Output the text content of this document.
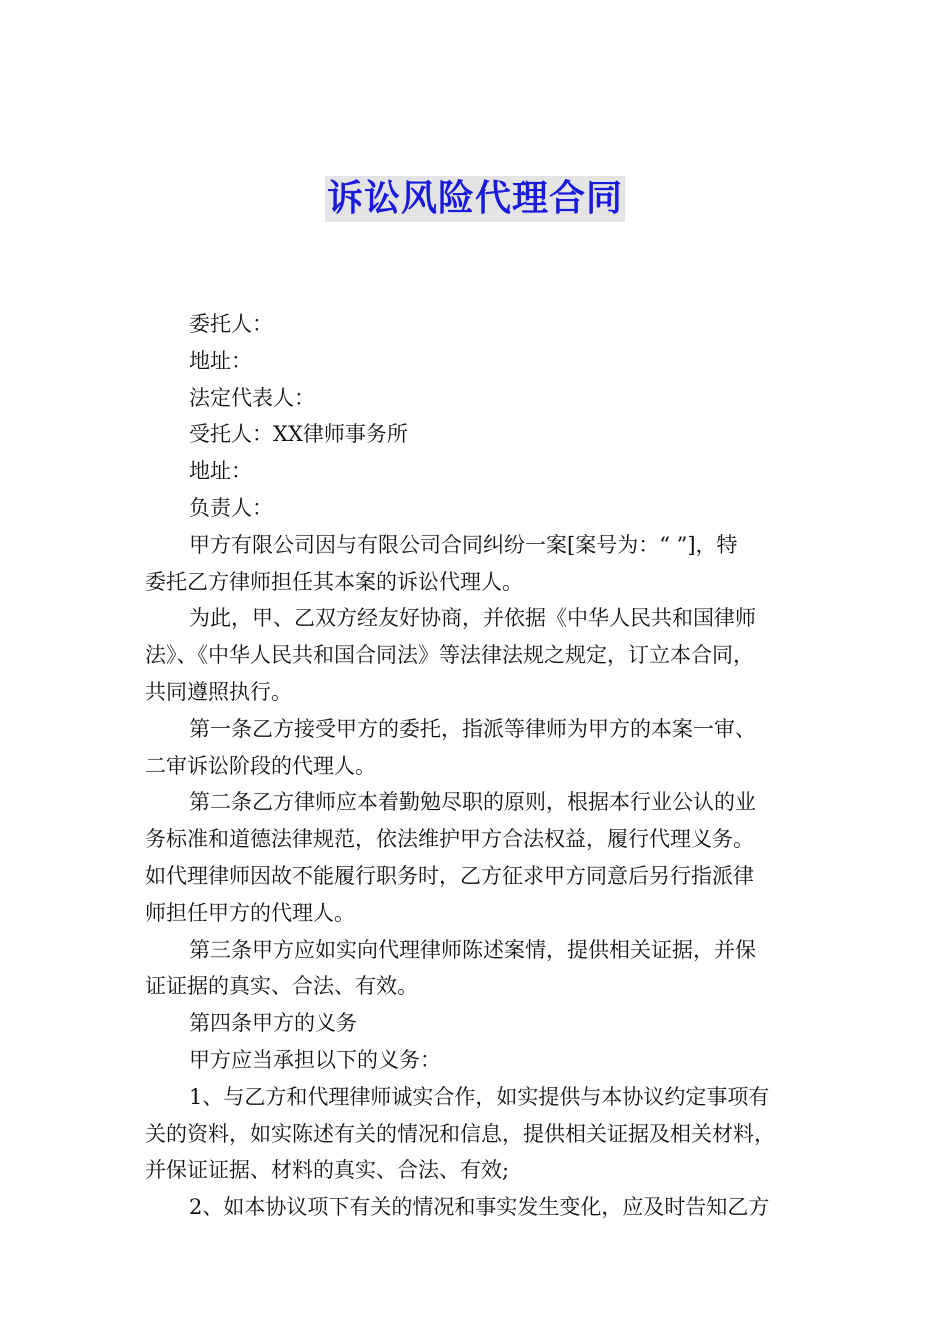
诉讼风险代理合同
委托人：
地址：
法定代表人：
受托人：XX律师事务所
地址：
负责人：
甲方有限公司因与有限公司合同纠纷一案[案号为：“ ”]，特
委托乙方律师担任其本案的诉讼代理人。
为此，甲、乙双方经友好协商，并依据《中华人民共和国律师
法》、《中华人民共和国合同法》等法律法规之规定，订立本合同，
共同遵照执行。
第一条乙方接受甲方的委托，指派等律师为甲方的本案一审、
二审诉讼阶段的代理人。
第二条乙方律师应本着勤勉尽职的原则，根据本行业公认的业
务标准和道德法律规范，依法维护甲方合法权益，履行代理义务。
如代理律师因故不能履行职务时，乙方征求甲方同意后另行指派律
师担任甲方的代理人。
第三条甲方应如实向代理律师陈述案情，提供相关证据，并保
证证据的真实、合法、有效。
第四条甲方的义务
甲方应当承担以下的义务：
1、与乙方和代理律师诚实合作，如实提供与本协议约定事项有
关的资料，如实陈述有关的情况和信息，提供相关证据及相关材料，
并保证证据、材料的真实、合法、有效;
2、如本协议项下有关的情况和事实发生变化，应及时告知乙方
